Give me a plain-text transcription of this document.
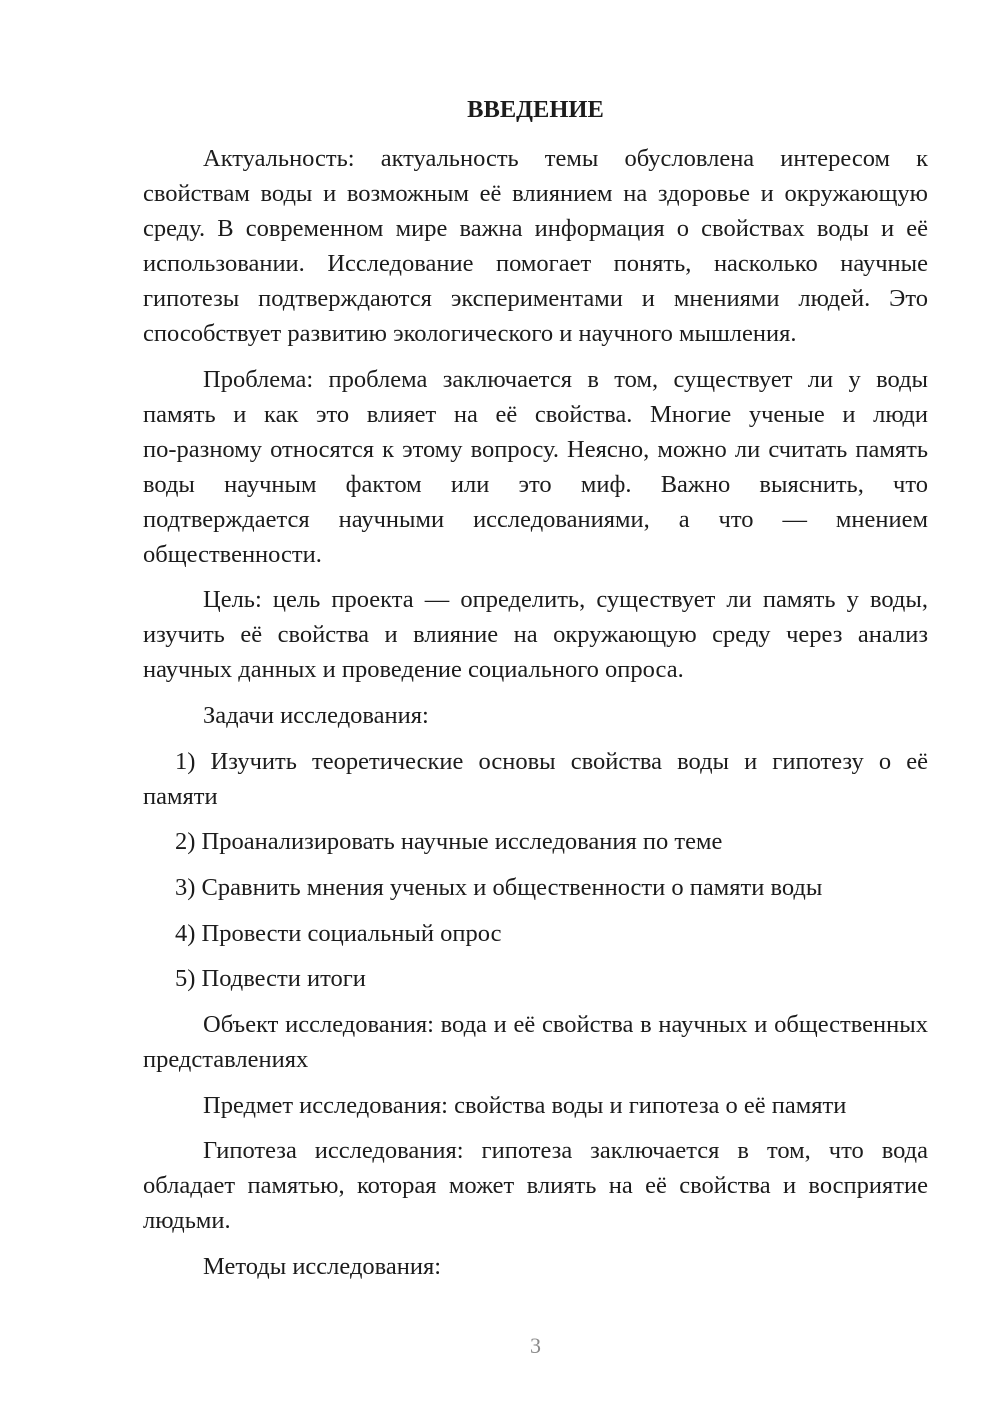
ВВЕДЕНИЕ
Актуальность: актуальность темы обусловлена интересом к
свойствам воды и возможным её влиянием на здоровье и окружающую
среду. В современном мире важна информация о свойствах воды и её
использовании. Исследование помогает понять, насколько научные
гипотезы подтверждаются экспериментами и мнениями людей. Это
способствует развитию экологического и научного мышления.
Проблема: проблема заключается в том, существует ли у воды
память и как это влияет на её свойства. Многие ученые и люди
по-разному относятся к этому вопросу. Неясно, можно ли считать память
воды научным фактом или это миф. Важно выяснить, что
подтверждается научными исследованиями, а что — мнением
общественности.
Цель: цель проекта — определить, существует ли память у воды,
изучить её свойства и влияние на окружающую среду через анализ
научных данных и проведение социального опроса.
Задачи исследования:
1) Изучить теоретические основы свойства воды и гипотезу о её
памяти
2) Проанализировать научные исследования по теме
3) Сравнить мнения ученых и общественности о памяти воды
4) Провести социальный опрос
5) Подвести итоги
Объект исследования: вода и её свойства в научных и общественных
представлениях
Предмет исследования: свойства воды и гипотеза о её памяти
Гипотеза исследования: гипотеза заключается в том, что вода
обладает памятью, которая может влиять на её свойства и восприятие
людьми.
Методы исследования:
3
